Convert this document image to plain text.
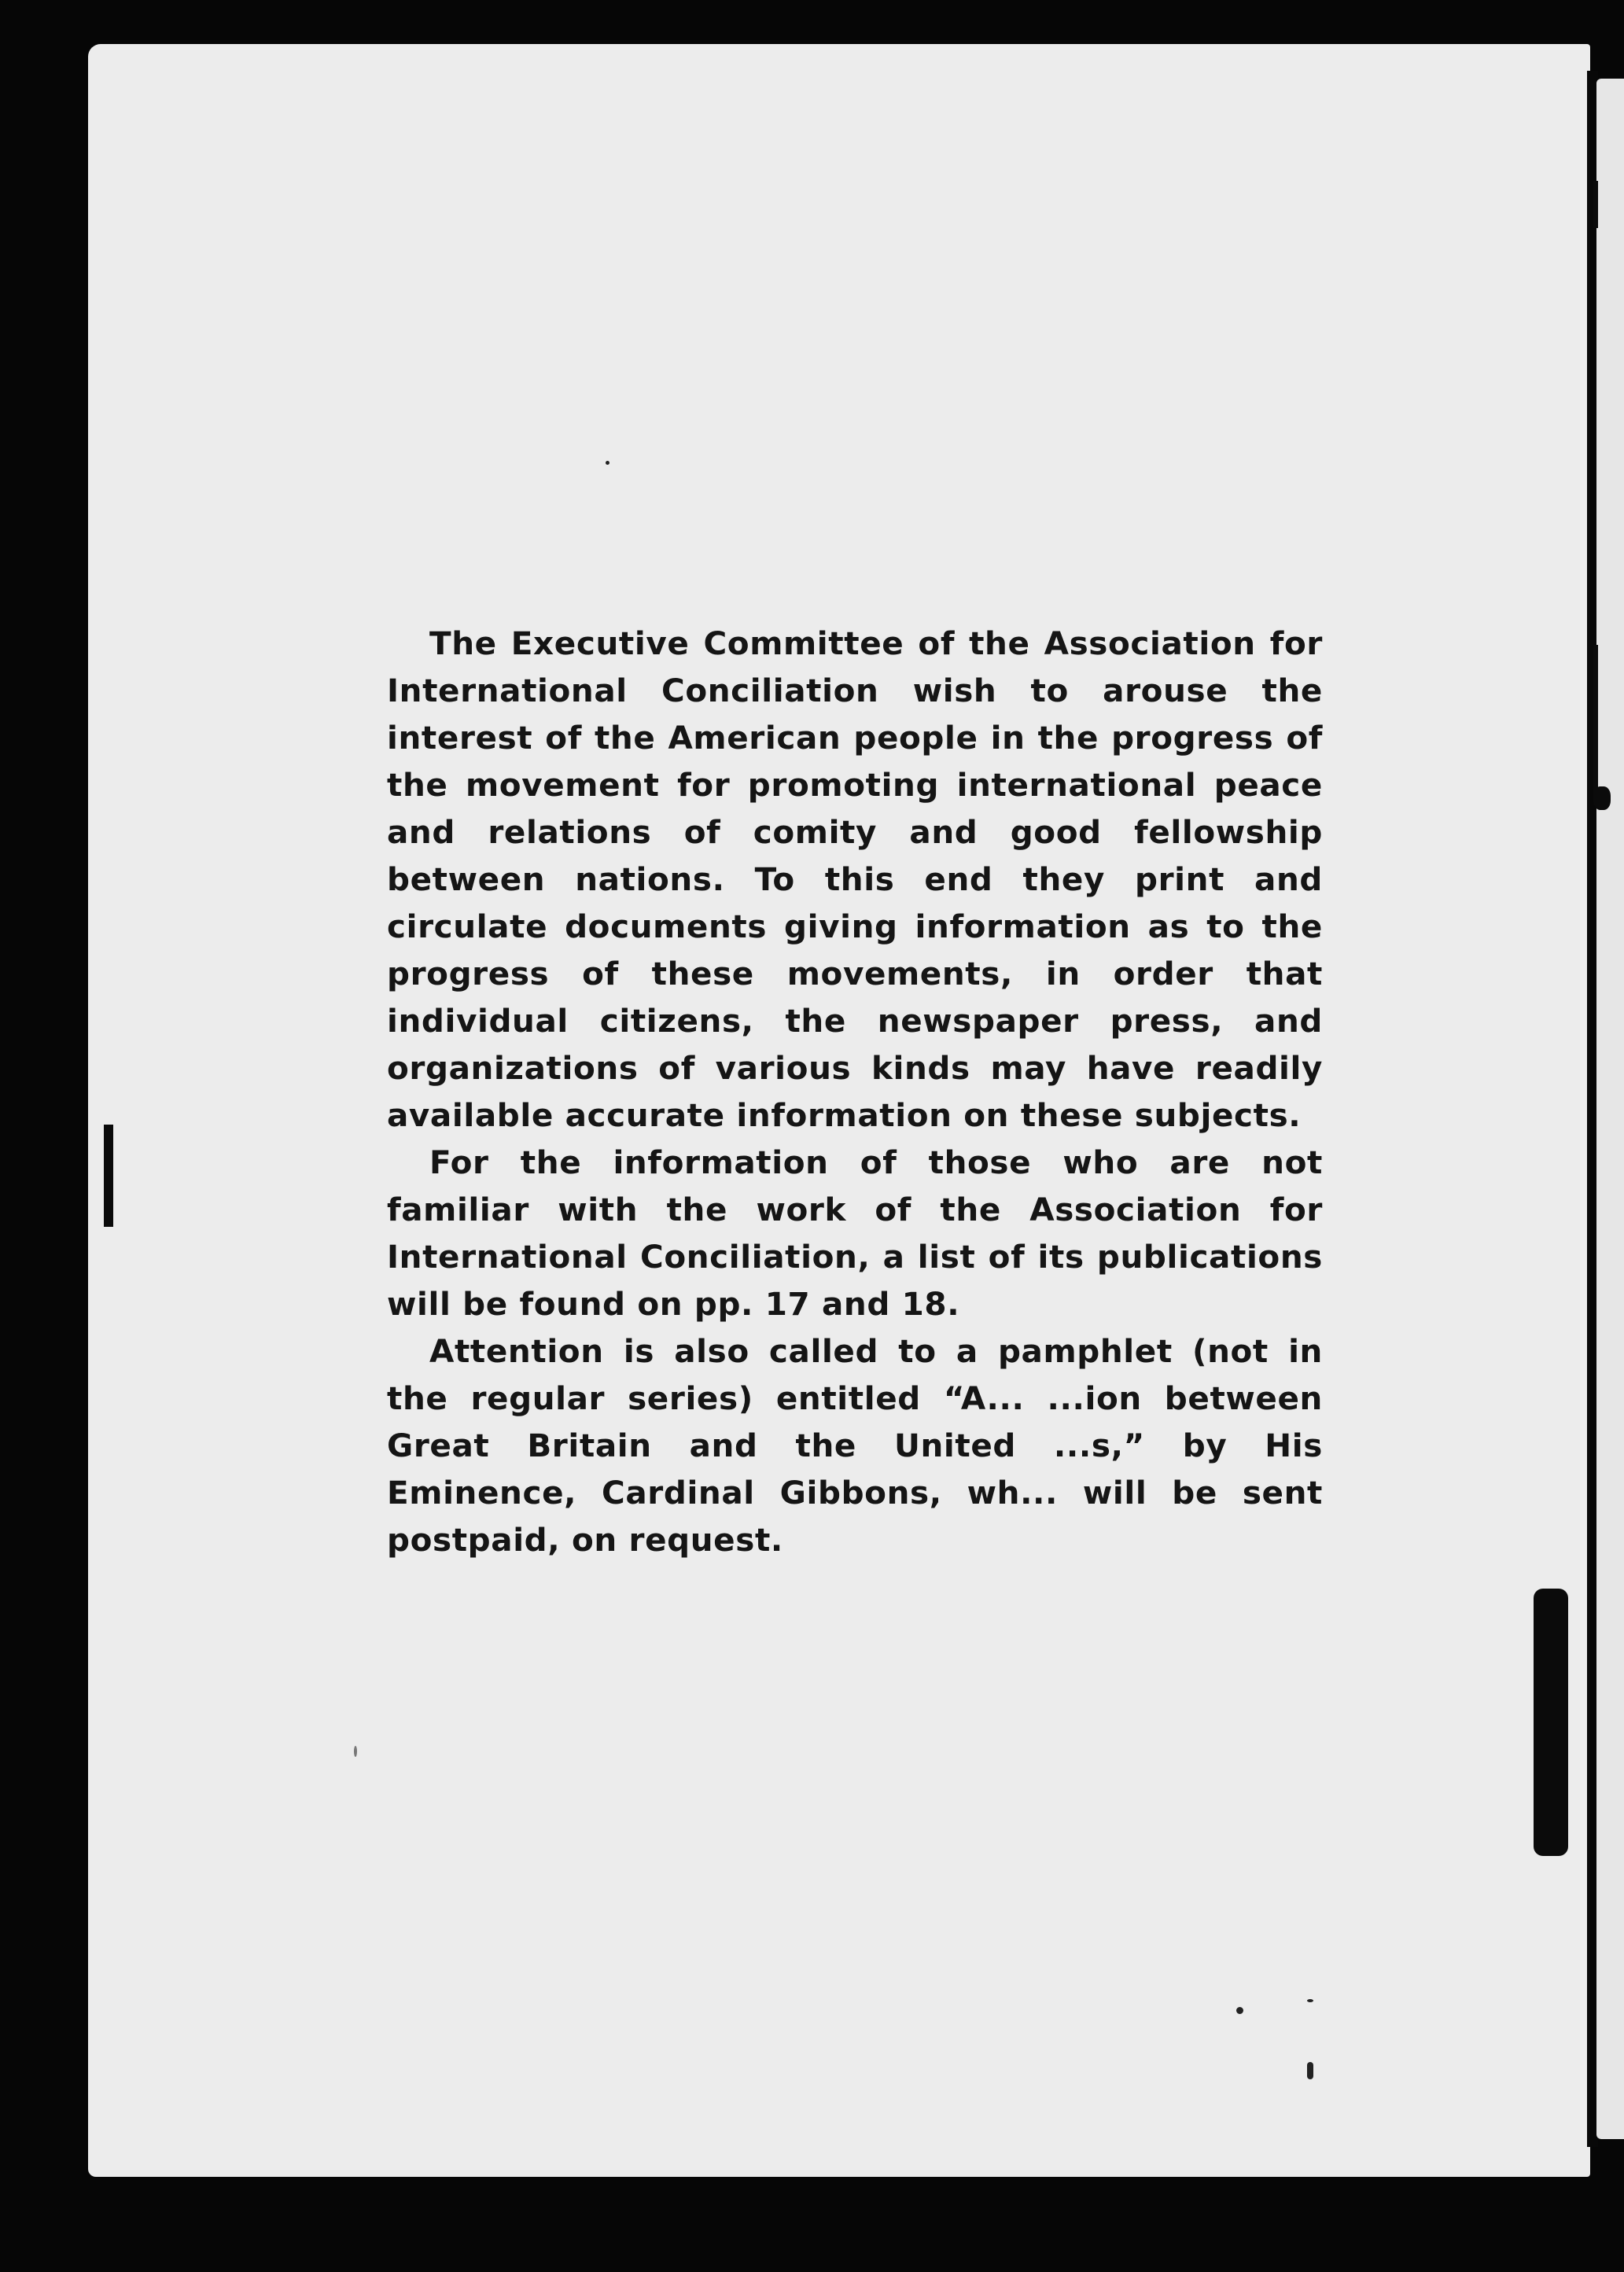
The Executive Committee of the Association for International Conciliation wish to arouse the interest of the American people in the progress of the movement for promoting international peace and relations of comity and good fellowship between nations. To this end they print and circulate documents giving information as to the progress of these movements, in order that individual citizens, the newspaper press, and organizations of various kinds may have readily available accurate information on these subjects.

For the information of those who are not familiar with the work of the Association for International Conciliation, a list of its publications will be found on pp. 17 and 18.

Attention is also called to a pamphlet (not in the regular series) entitled “A... ...ion between Great Britain and the United ...s,” by His Eminence, Cardinal Gibbons, wh... will be sent postpaid, on request.
